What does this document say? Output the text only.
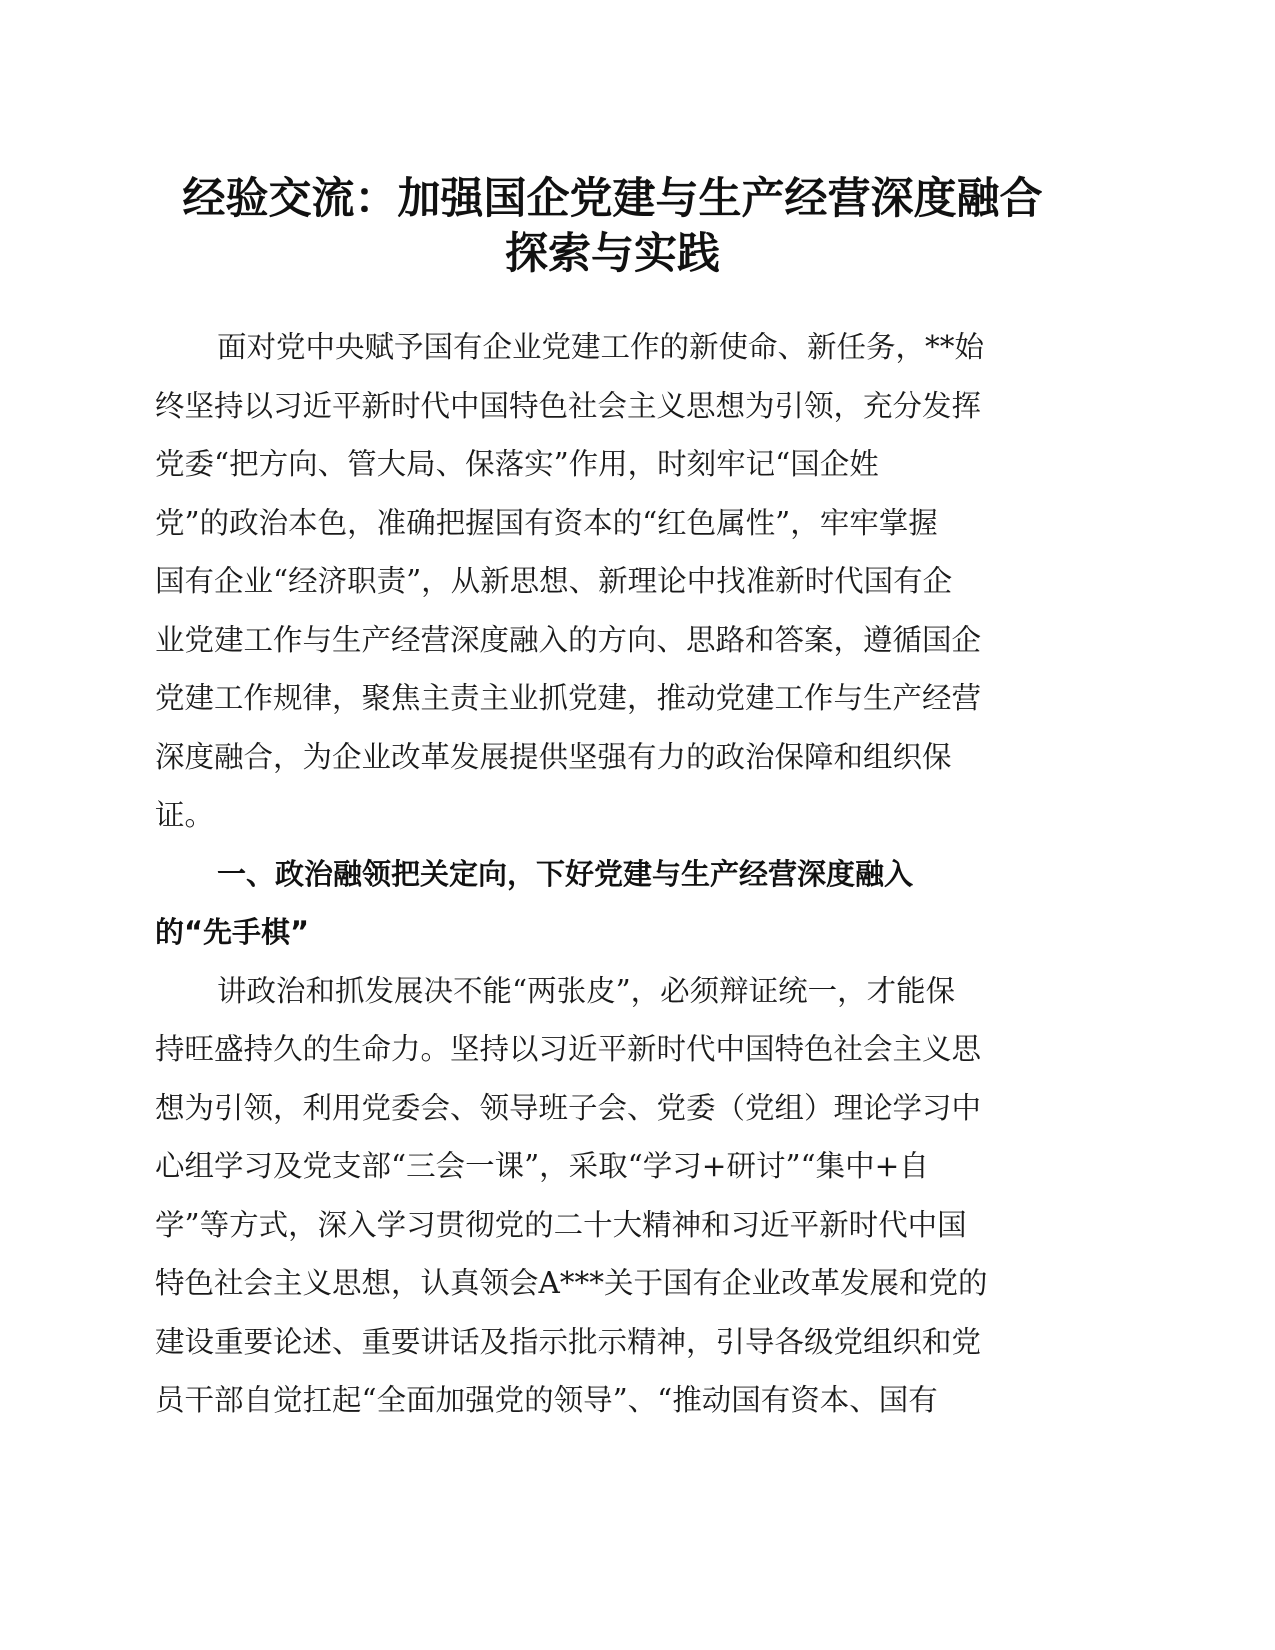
经验交流：加强国企党建与生产经营深度融合
探索与实践
面对党中央赋予国有企业党建工作的新使命、新任务，**始
终坚持以习近平新时代中国特色社会主义思想为引领，充分发挥
党委“把方向、管大局、保落实”作用，时刻牢记“国企姓
党”的政治本色，准确把握国有资本的“红色属性”，牢牢掌握
国有企业“经济职责”，从新思想、新理论中找准新时代国有企
业党建工作与生产经营深度融入的方向、思路和答案，遵循国企
党建工作规律，聚焦主责主业抓党建，推动党建工作与生产经营
深度融合，为企业改革发展提供坚强有力的政治保障和组织保
证。
一、政治融领把关定向，下好党建与生产经营深度融入
的“先手棋”
讲政治和抓发展决不能“两张皮”，必须辩证统一，才能保
持旺盛持久的生命力。坚持以习近平新时代中国特色社会主义思
想为引领，利用党委会、领导班子会、党委（党组）理论学习中
心组学习及党支部“三会一课”，采取“学习+研讨”“集中+自
学”等方式，深入学习贯彻党的二十大精神和习近平新时代中国
特色社会主义思想，认真领会A***关于国有企业改革发展和党的
建设重要论述、重要讲话及指示批示精神，引导各级党组织和党
员干部自觉扛起“全面加强党的领导”、“推动国有资本、国有
